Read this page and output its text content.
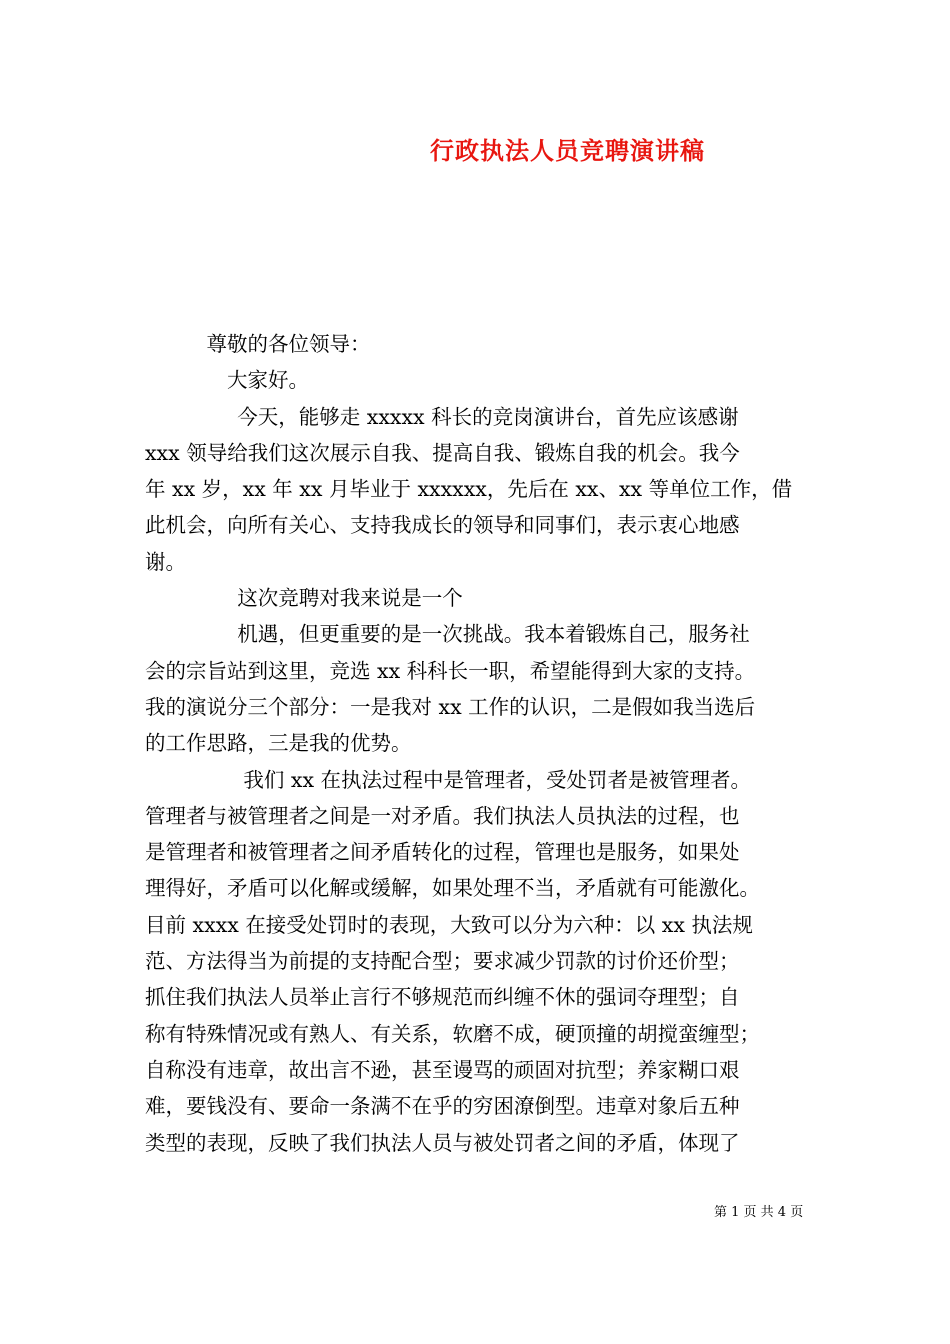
行政执法人员竞聘演讲稿
尊敬的各位领导：
大家好。
今天，能够走 xxxxx 科长的竞岗演讲台，首先应该感谢
xxx 领导给我们这次展示自我、提高自我、锻炼自我的机会。我今
年 xx 岁，xx 年 xx 月毕业于 xxxxxx，先后在 xx、xx 等单位工作，借
此机会，向所有关心、支持我成长的领导和同事们，表示衷心地感
谢。
这次竞聘对我来说是一个
机遇，但更重要的是一次挑战。我本着锻炼自己，服务社
会的宗旨站到这里，竞选 xx 科科长一职，希望能得到大家的支持。
我的演说分三个部分：一是我对 xx 工作的认识，二是假如我当选后
的工作思路，三是我的优势。
我们 xx 在执法过程中是管理者，受处罚者是被管理者。
管理者与被管理者之间是一对矛盾。我们执法人员执法的过程，也
是管理者和被管理者之间矛盾转化的过程，管理也是服务，如果处
理得好，矛盾可以化解或缓解，如果处理不当，矛盾就有可能激化。
目前 xxxx 在接受处罚时的表现，大致可以分为六种：以 xx 执法规
范、方法得当为前提的支持配合型；要求减少罚款的讨价还价型；
抓住我们执法人员举止言行不够规范而纠缠不休的强词夺理型；自
称有特殊情况或有熟人、有关系，软磨不成，硬顶撞的胡搅蛮缠型；
自称没有违章，故出言不逊，甚至谩骂的顽固对抗型；养家糊口艰
难，要钱没有、要命一条满不在乎的穷困潦倒型。违章对象后五种
类型的表现，反映了我们执法人员与被处罚者之间的矛盾，体现了
第 1 页 共 4 页
